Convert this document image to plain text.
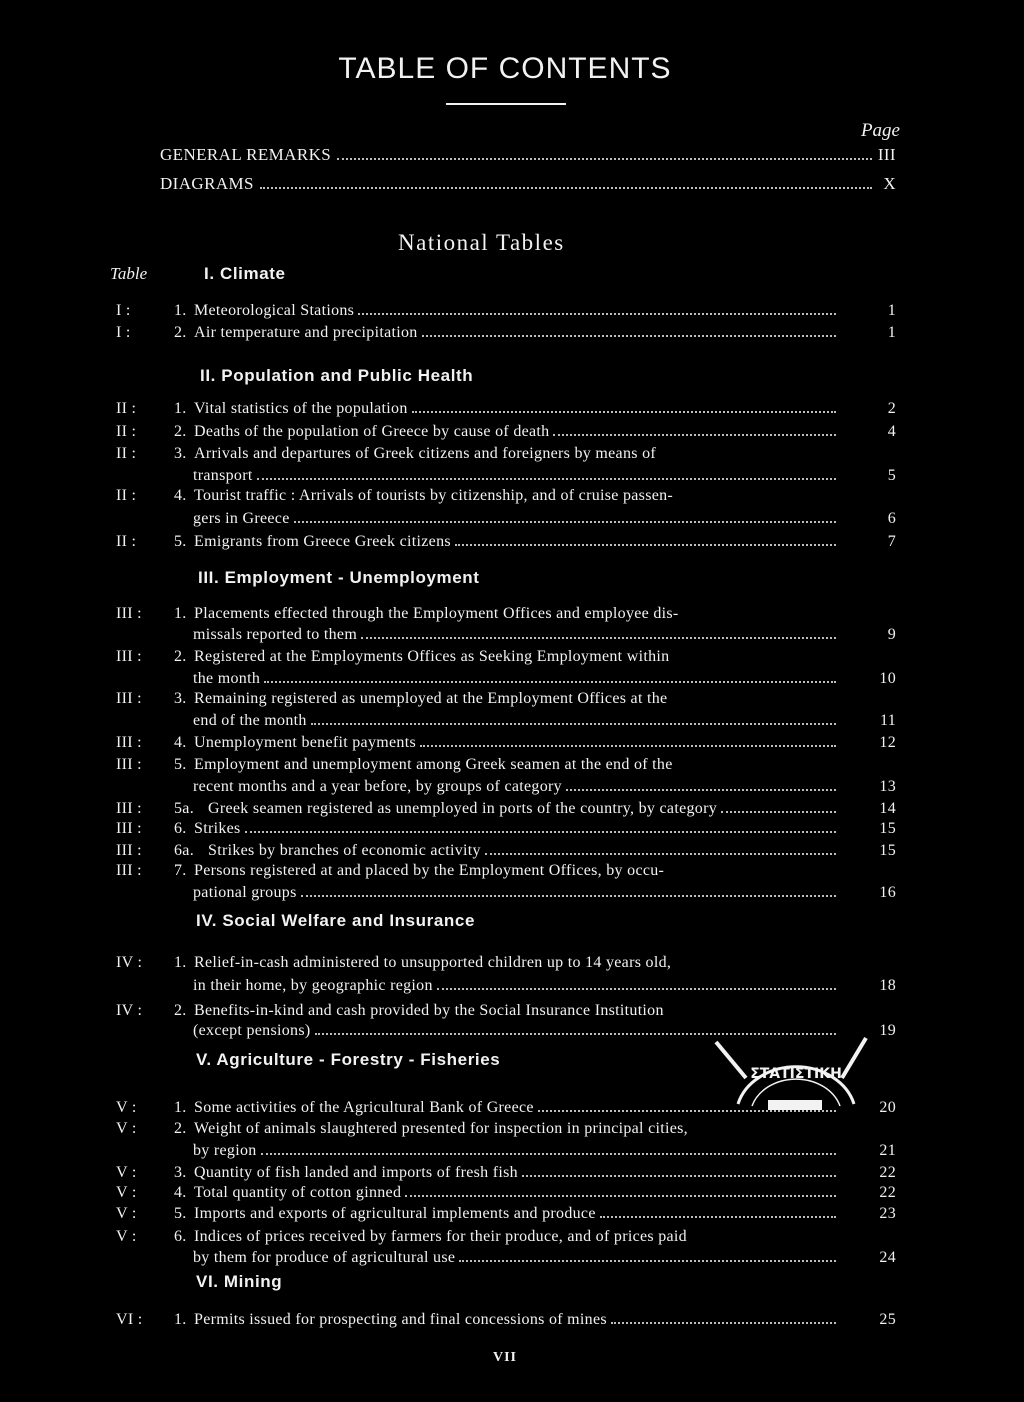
TABLE OF CONTENTS
Page
GENERAL REMARKS	III
DIAGRAMS	X
National Tables
Table	I. Climate
II. Population and Public Health
III. Employment - Unemployment
IV. Social Welfare and Insurance
V. Agriculture - Forestry - Fisheries
VI. Mining
I :	1. Meteorological Stations	1
I :	2. Air temperature and precipitation	1
II :	1. Vital statistics of the population	2
II :	2. Deaths of the population of Greece by cause of death	4
II :	3. Arrivals and departures of Greek citizens and foreigners by means of
transport	5
II :	4. Tourist traffic : Arrivals of tourists by citizenship, and of cruise passen-
gers in Greece	6
II :	5. Emigrants from Greece Greek citizens	7
III :	1. Placements effected through the Employment Offices and employee dis-
missals reported to them	9
III :	2. Registered at the Employments Offices as Seeking Employment within
the month	10
III :	3. Remaining registered as unemployed at the Employment Offices at the
end of the month	11
III :	4. Unemployment benefit payments	12
III :	5. Employment and unemployment among Greek seamen at the end of the
recent months and a year before, by groups of category	13
III :	5a. Greek seamen registered as unemployed in ports of the country, by category	14
III :	6. Strikes	15
III :	6a. Strikes by branches of economic activity	15
III :	7. Persons registered at and placed by the Employment Offices, by occu-
pational groups	16
IV :	1. Relief-in-cash administered to unsupported children up to 14 years old,
in their home, by geographic region	18
IV :	2. Benefits-in-kind and cash provided by the Social Insurance Institution
(except pensions)	19
V :	1. Some activities of the Agricultural Bank of Greece	20
V :	2. Weight of animals slaughtered presented for inspection in principal cities,
by region	21
V :	3. Quantity of fish landed and imports of fresh fish	22
V :	4. Total quantity of cotton ginned	22
V :	5. Imports and exports of agricultural implements and produce	23
V :	6. Indices of prices received by farmers for their produce, and of prices paid
by them for produce of agricultural use	24
VI :	1. Permits issued for prospecting and final concessions of mines	25
ΣΤΑΤΙΣΤΙΚΗ
VII
